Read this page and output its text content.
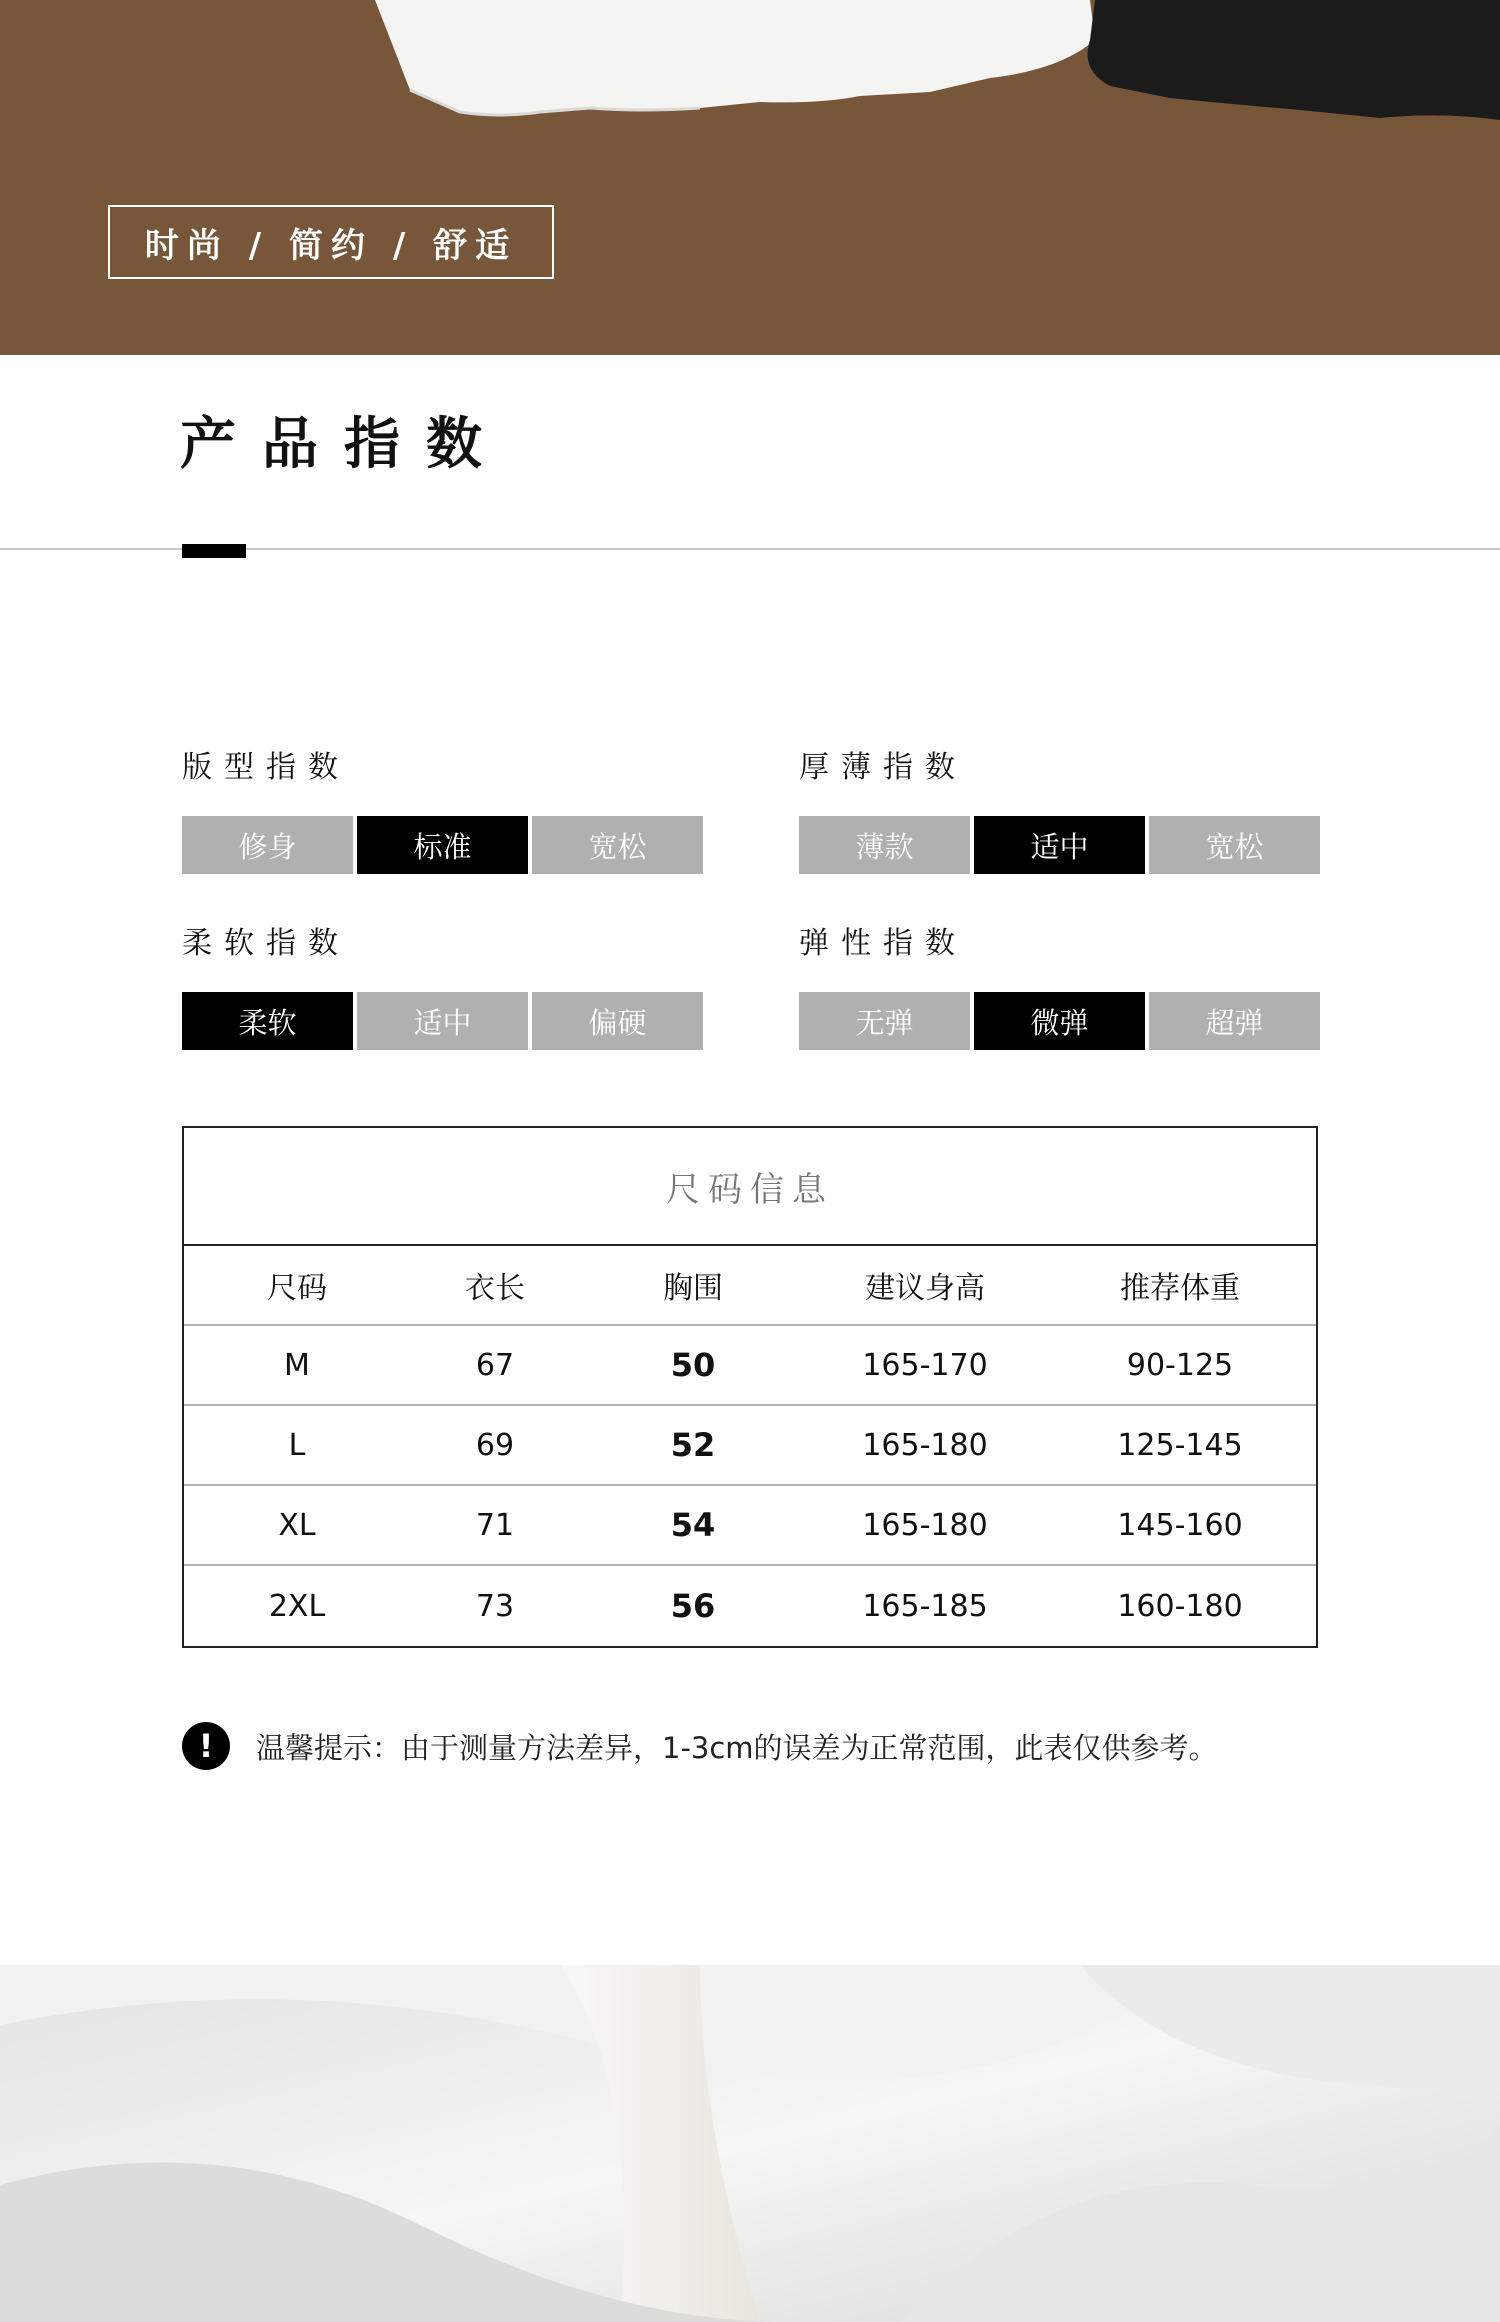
时尚 / 简约 / 舒适
产品指数
版型指数
修身	标准	宽松
厚薄指数
薄款	适中	宽松
柔软指数
柔软	适中	偏硬
弹性指数
无弹	微弹	超弹
尺码信息
尺码	衣长	胸围	建议身高	推荐体重
M	67	50	165-170	90-125
L	69	52	165-180	125-145
XL	71	54	165-180	145-160
2XL	73	56	165-185	160-180
!	温馨提示：由于测量方法差异，1-3cm的误差为正常范围，此表仅供参考。
